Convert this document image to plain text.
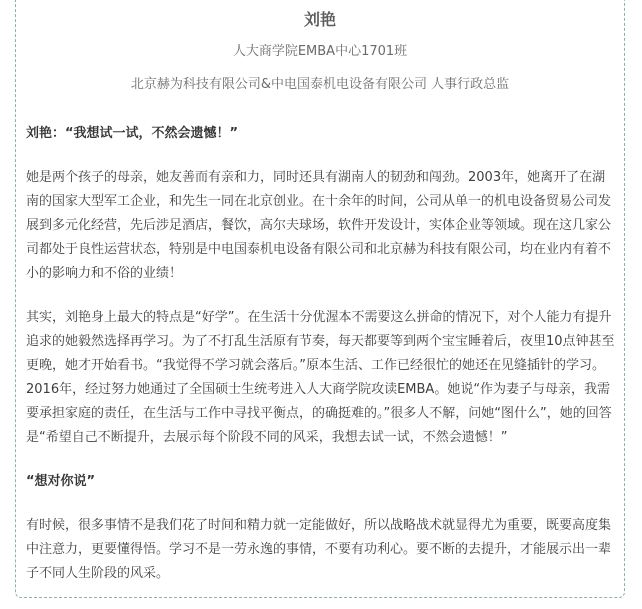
刘艳

人大商学院EMBA中心1701班

北京赫为科技有限公司&中电国泰机电设备有限公司 人事行政总监

刘艳：“我想试一试，不然会遗憾！”

她是两个孩子的母亲，她友善而有亲和力，同时还具有湖南人的韧劲和闯劲。2003年，她离开了在湖南的国家大型军工企业，和先生一同在北京创业。在十余年的时间，公司从单一的机电设备贸易公司发展到多元化经营，先后涉足酒店，餐饮，高尔夫球场，软件开发设计，实体企业等领域。现在这几家公司都处于良性运营状态，特别是中电国泰机电设备有限公司和北京赫为科技有限公司，均在业内有着不小的影响力和不俗的业绩！

其实，刘艳身上最大的特点是“好学”。在生活十分优渥本不需要这么拼命的情况下，对个人能力有提升追求的她毅然选择再学习。为了不打乱生活原有节奏，每天都要等到两个宝宝睡着后，夜里10点钟甚至更晚，她才开始看书。“我觉得不学习就会落后。”原本生活、工作已经很忙的她还在见缝插针的学习。2016年，经过努力她通过了全国硕士生统考进入人大商学院攻读EMBA。她说“作为妻子与母亲，我需要承担家庭的责任，在生活与工作中寻找平衡点，的确挺难的。”很多人不解，问她“图什么”，她的回答是“希望自己不断提升，去展示每个阶段不同的风采，我想去试一试，不然会遗憾！”

“想对你说”

有时候，很多事情不是我们花了时间和精力就一定能做好，所以战略战术就显得尤为重要，既要高度集中注意力，更要懂得悟。学习不是一劳永逸的事情，不要有功利心。要不断的去提升，才能展示出一辈子不同人生阶段的风采。
